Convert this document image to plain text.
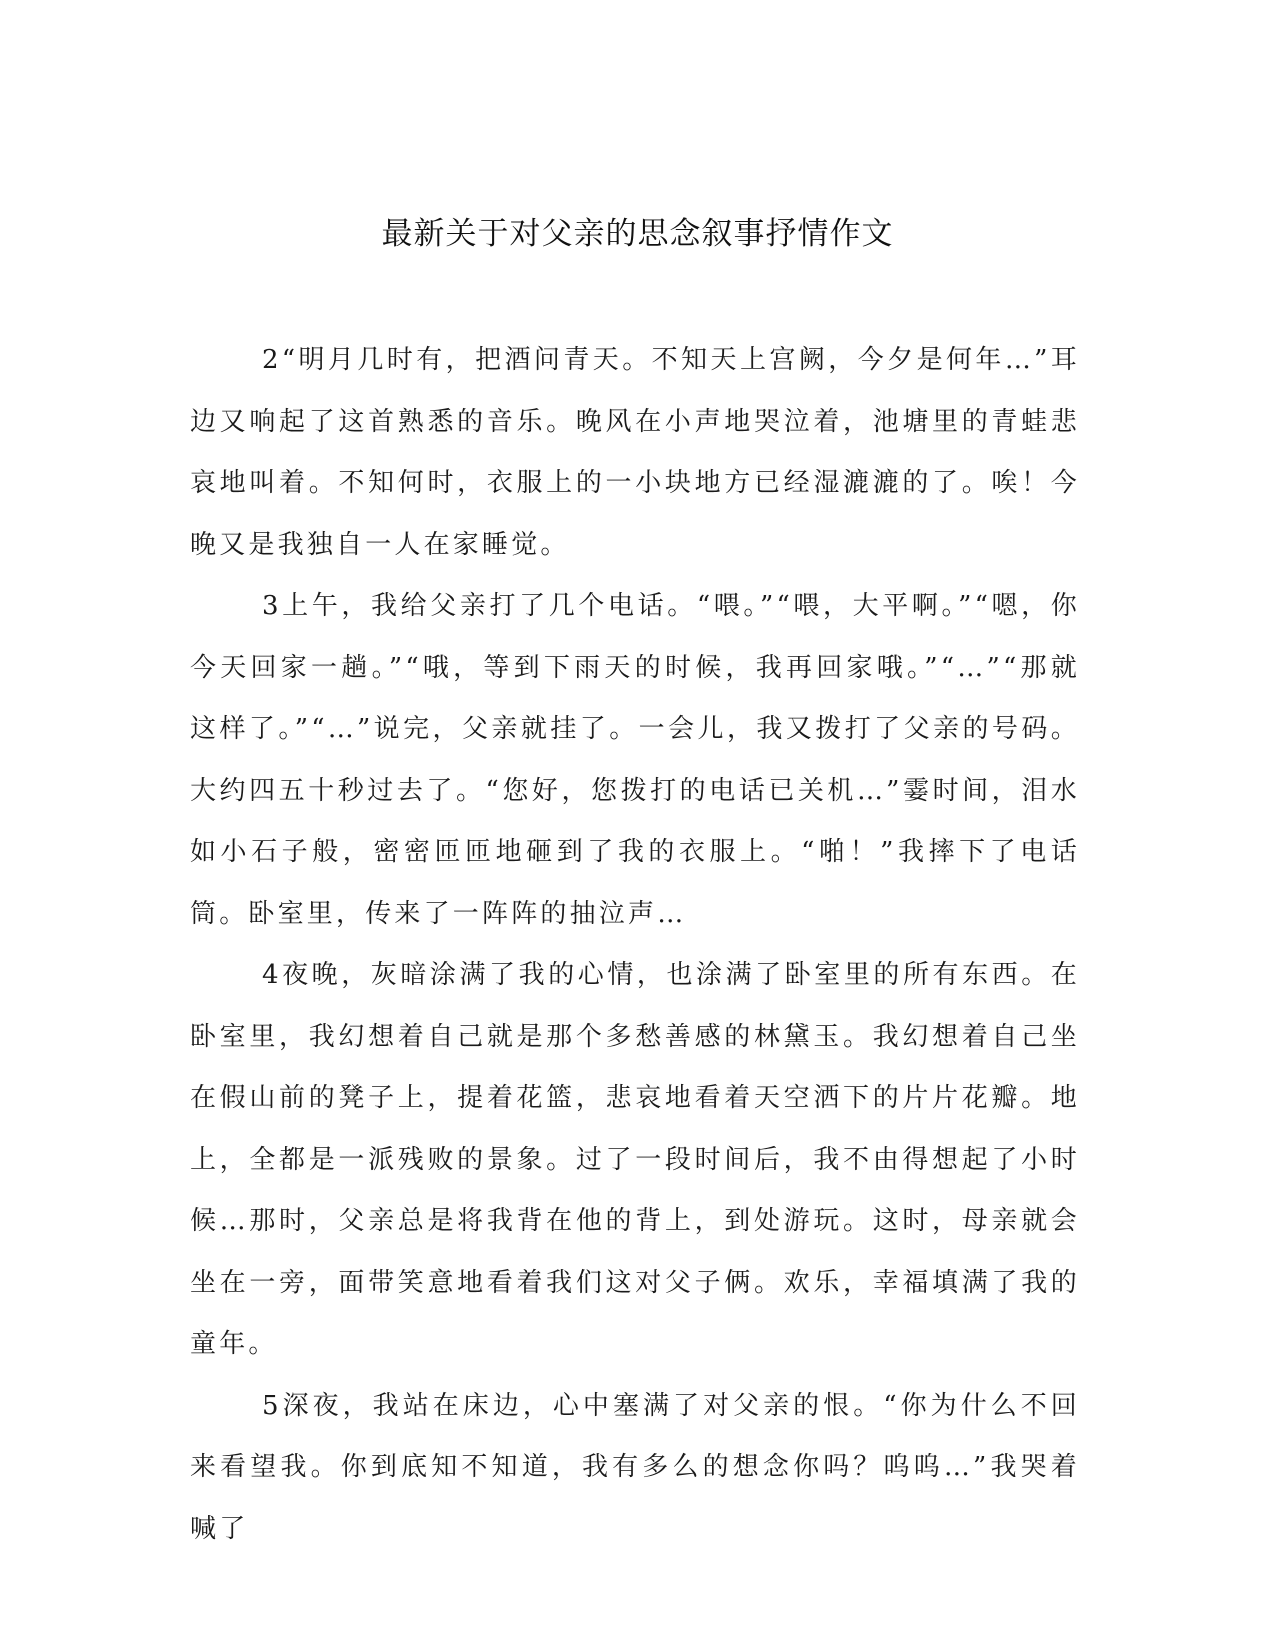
最新关于对父亲的思念叙事抒情作文

2“明月几时有，把酒问青天。不知天上宫阙，今夕是何年…”耳边又响起了这首熟悉的音乐。晚风在小声地哭泣着，池塘里的青蛙悲哀地叫着。不知何时，衣服上的一小块地方已经湿漉漉的了。唉！今晚又是我独自一人在家睡觉。

3上午，我给父亲打了几个电话。“喂。”“喂，大平啊。”“嗯，你今天回家一趟。”“哦，等到下雨天的时候，我再回家哦。”“…”“那就这样了。”“…”说完，父亲就挂了。一会儿，我又拨打了父亲的号码。大约四五十秒过去了。“您好，您拨打的电话已关机…”霎时间，泪水如小石子般，密密匝匝地砸到了我的衣服上。“啪！”我摔下了电话筒。卧室里，传来了一阵阵的抽泣声…

4夜晚，灰暗涂满了我的心情，也涂满了卧室里的所有东西。在卧室里，我幻想着自己就是那个多愁善感的林黛玉。我幻想着自己坐在假山前的凳子上，提着花篮，悲哀地看着天空洒下的片片花瓣。地上，全都是一派残败的景象。过了一段时间后，我不由得想起了小时候…那时，父亲总是将我背在他的背上，到处游玩。这时，母亲就会坐在一旁，面带笑意地看着我们这对父子俩。欢乐，幸福填满了我的童年。

5深夜，我站在床边，心中塞满了对父亲的恨。“你为什么不回来看望我。你到底知不知道，我有多么的想念你吗？呜呜…”我哭着喊了
